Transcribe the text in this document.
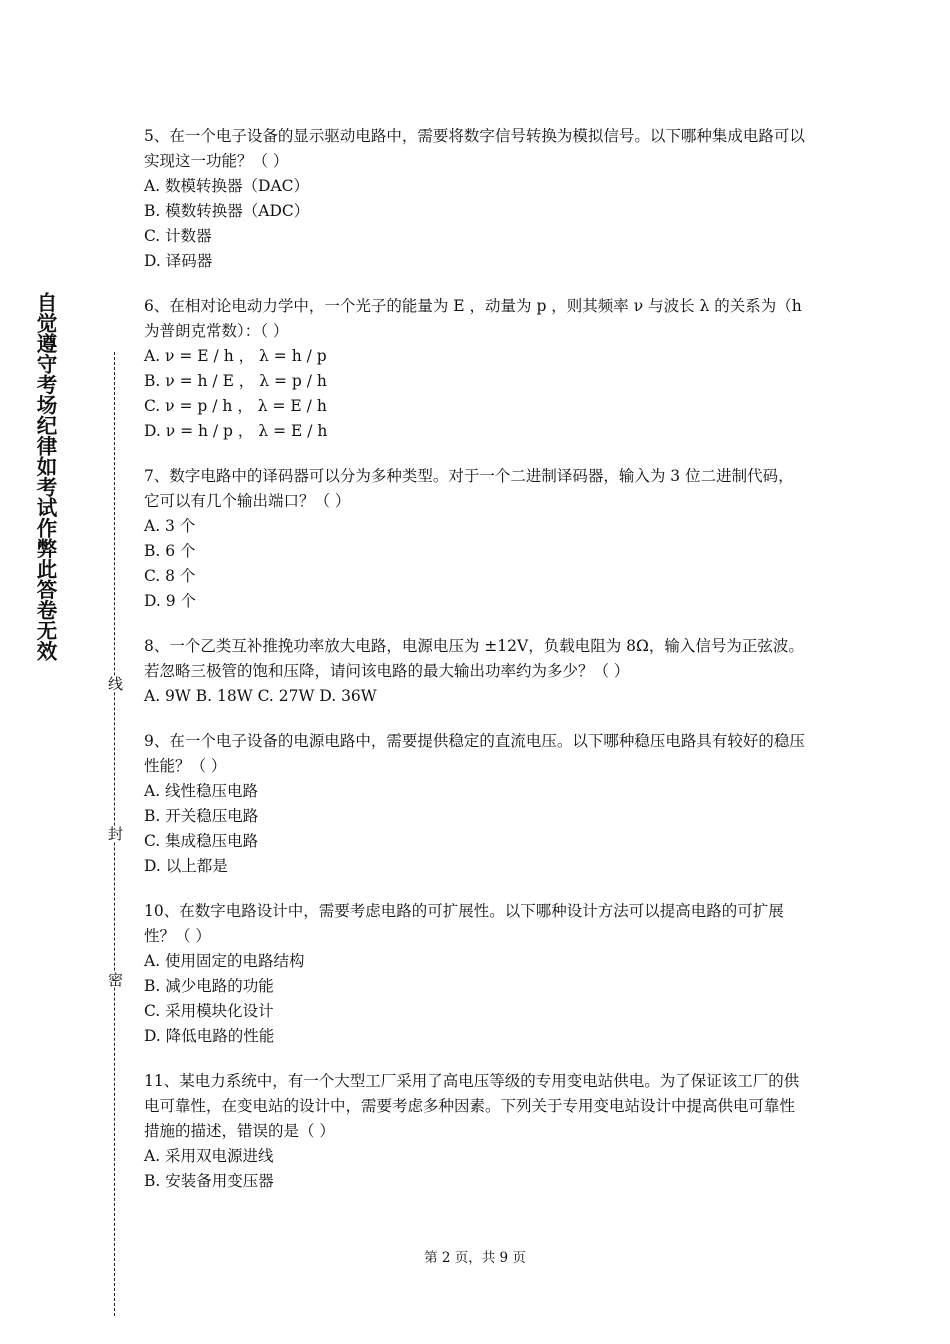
自觉遵守考场纪律如考试作弊此答卷无效
线
封
密

5、在一个电子设备的显示驱动电路中，需要将数字信号转换为模拟信号。以下哪种集成电路可以实现这一功能？（ ）

A. 数模转换器（DAC）

B. 模数转换器（ADC）

C. 计数器

D. 译码器

6、在相对论电动力学中，一个光子的能量为 E ，动量为 p ，则其频率 ν 与波长 λ 的关系为（h 为普朗克常数）：（ ）

A. ν = E / h ， λ = h / p

B. ν = h / E ， λ = p / h

C. ν = p / h ， λ = E / h

D. ν = h / p ， λ = E / h

7、数字电路中的译码器可以分为多种类型。对于一个二进制译码器，输入为 3 位二进制代码，它可以有几个输出端口？（ ）

A. 3 个

B. 6 个

C. 8 个

D. 9 个

8、一个乙类互补推挽功率放大电路，电源电压为 ±12V，负载电阻为 8Ω，输入信号为正弦波。若忽略三极管的饱和压降，请问该电路的最大输出功率约为多少？（ ）

A. 9W B. 18W C. 27W D. 36W

9、在一个电子设备的电源电路中，需要提供稳定的直流电压。以下哪种稳压电路具有较好的稳压性能？（ ）

A. 线性稳压电路

B. 开关稳压电路

C. 集成稳压电路

D. 以上都是

10、在数字电路设计中，需要考虑电路的可扩展性。以下哪种设计方法可以提高电路的可扩展性？（ ）

A. 使用固定的电路结构

B. 减少电路的功能

C. 采用模块化设计

D. 降低电路的性能

11、某电力系统中，有一个大型工厂采用了高电压等级的专用变电站供电。为了保证该工厂的供电可靠性，在变电站的设计中，需要考虑多种因素。下列关于专用变电站设计中提高供电可靠性措施的描述，错误的是（ ）

A. 采用双电源进线

B. 安装备用变压器

第 2 页，共 9 页
